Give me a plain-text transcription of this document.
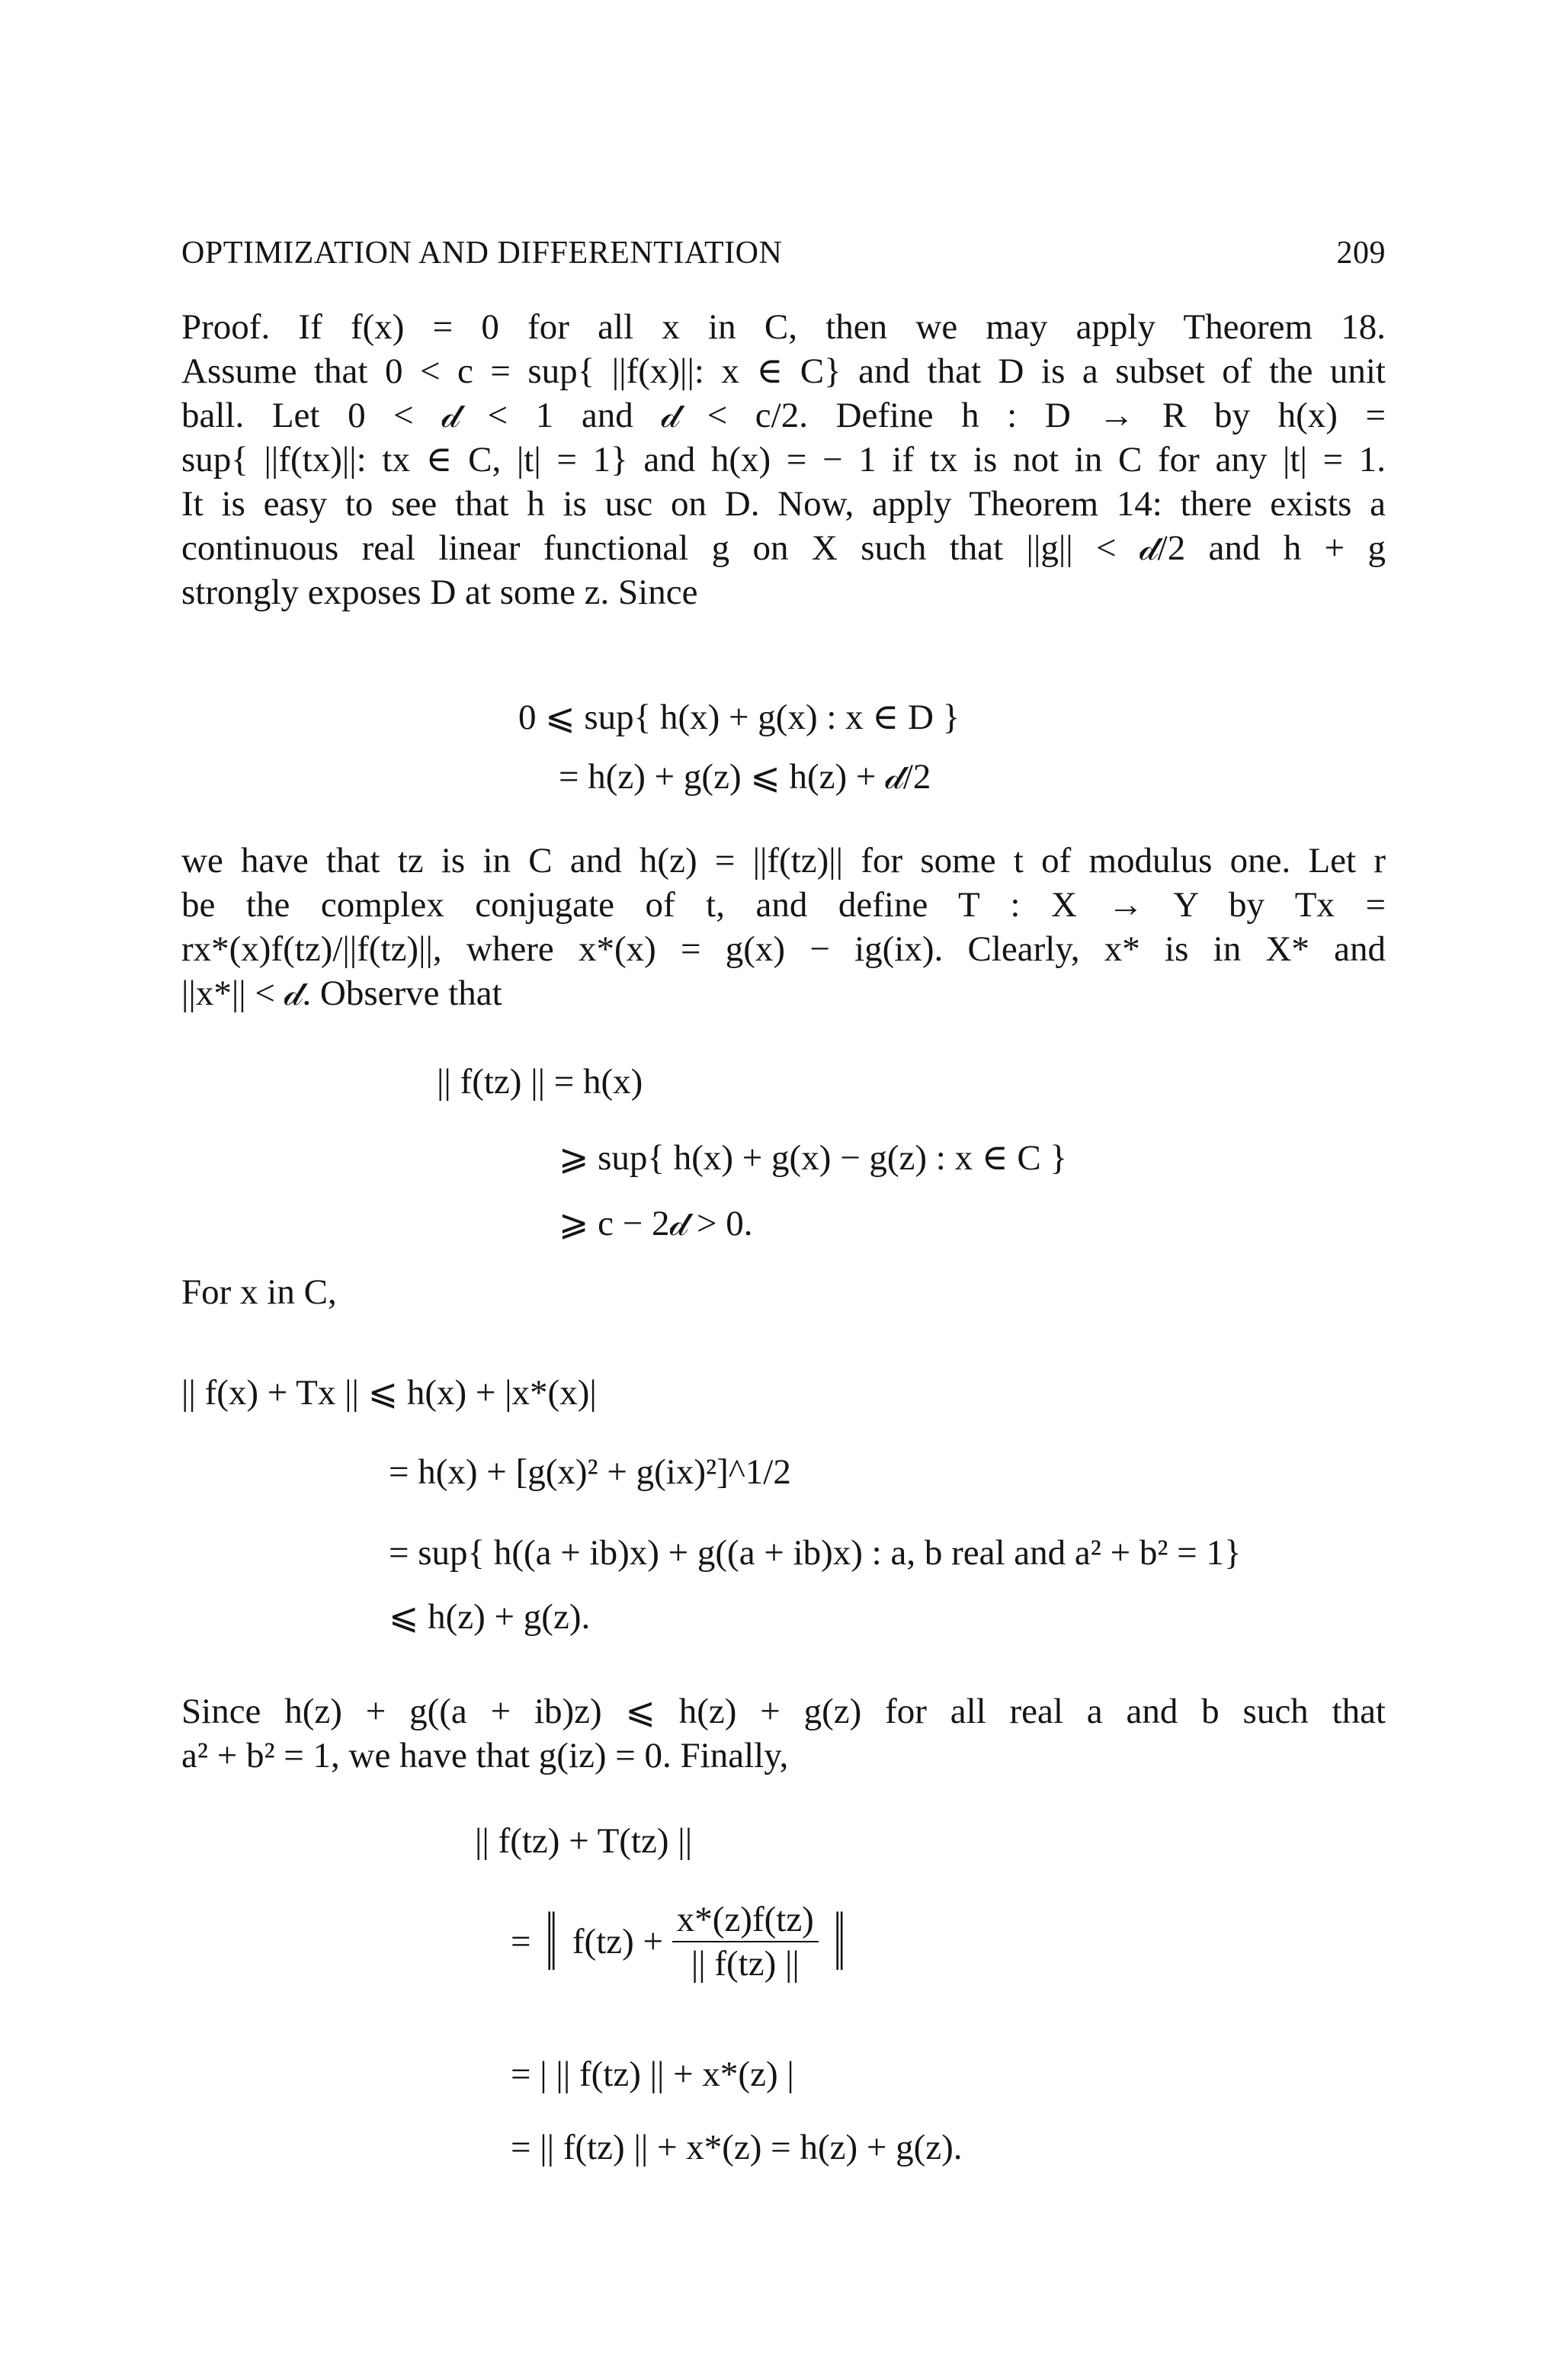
OPTIMIZATION AND DIFFERENTIATION	209
Proof. If f(x) = 0 for all x in C, then we may apply Theorem 18.
Assume that 0 < c = sup{ ||f(x)||: x ∈ C} and that D is a subset of the unit
ball. Let 0 < 𝒹 < 1 and 𝒹 < c/2. Define h : D → R by h(x) =
sup{ ||f(tx)||: tx ∈ C, |t| = 1} and h(x) = − 1 if tx is not in C for any |t| = 1.
It is easy to see that h is usc on D. Now, apply Theorem 14: there exists a
continuous real linear functional g on X such that ||g|| < 𝒹/2 and h + g
strongly exposes D at some z. Since
0 ⩽ sup{ h(x) + g(x) : x ∈ D }
= h(z) + g(z) ⩽ h(z) + 𝒹/2
we have that tz is in C and h(z) = ||f(tz)|| for some t of modulus one. Let r
be the complex conjugate of t, and define T : X → Y by Tx =
rx*(x)f(tz)/||f(tz)||, where x*(x) = g(x) − ig(ix). Clearly, x* is in X* and
||x*|| < 𝒹. Observe that
|| f(tz) || = h(x)
⩾ sup{ h(x) + g(x) − g(z) : x ∈ C }
⩾ c − 2𝒹 > 0.
For x in C,
|| f(x) + Tx || ⩽ h(x) + |x*(x)|
= h(x) + [g(x)² + g(ix)²]^1/2
= sup{ h((a + ib)x) + g((a + ib)x) : a, b real and a² + b² = 1}
⩽ h(z) + g(z).
Since h(z) + g((a + ib)z) ⩽ h(z) + g(z) for all real a and b such that
a² + b² = 1, we have that g(iz) = 0. Finally,
|| f(tz) + T(tz) ||
= ‖ $f(tz) + \frac{x*(z)f(tz)}{|| f(tz) ||}$ ‖
= | || f(tz) || + x*(z) |
= || f(tz) || + x*(z) = h(z) + g(z).
